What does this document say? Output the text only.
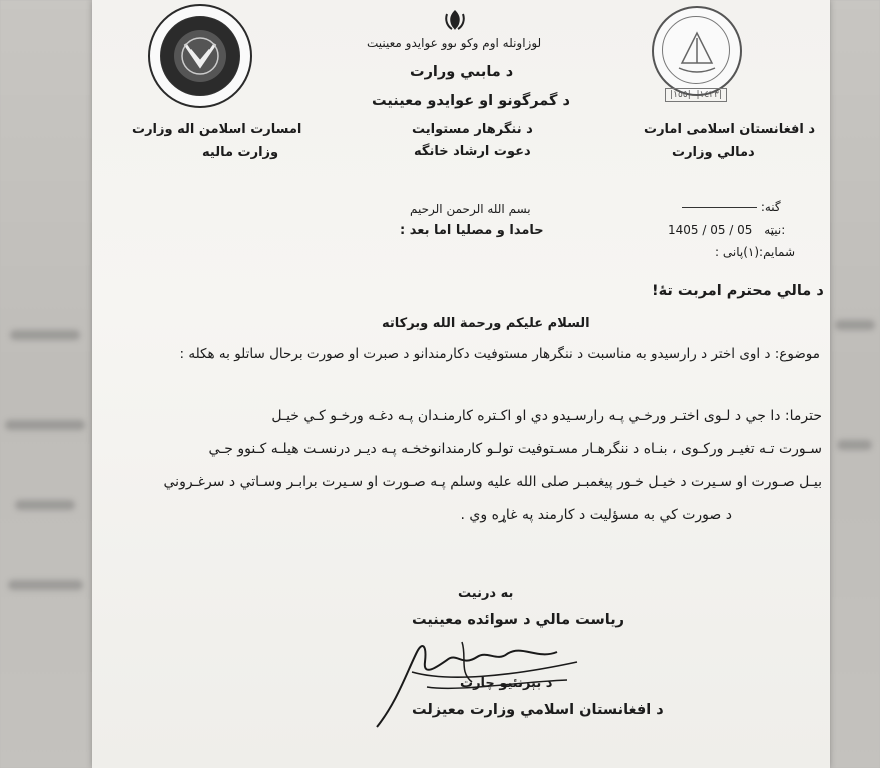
|١٤٢٣|  |١٥٥|
امسارت اسلامن اله وزارت
وزارت ماليه
لوزاونله اوم وكو ىوو عوايدو معينيت
د مابىي ورارت
د گمرگونو او عوايدو معينيت
د ننگرهار مستوايت
دعوت ارشاد خانگه
د افغانستان اسلامى امارت
دمالي وزارت
بسم الله الرحمن الرحيم
حامدا و مصليا اما بعد :
گنه:
1405 / 05 / 05 نيټه:
شمايم:(١)پانى :
د مالي محترم امربت تهٔ!
السلام عليكم ورحمة الله وبركاته
موضوع: د اوى اختر د رارسيدو به مناسبت د ننگرهار مستوفيت دكارمندانو د صبرت او صورت برحال ساتلو به هكله :
حترما: دا جي د لـوى اختـر ورخـي پـه رارسـيدو دي او اكـتره كارمنـدان پـه دغـه ورخـو كـي خيـل
سـورت تـه تغيـر وركـوى ، بنـاه د ننگرهـار مسـتوفيت تولـو كارمندانوخخـه پـه ديـر درنسـت هيلـه كـنوو جـي
بيـل صـورت او سـيرت د خيـل خـور پيغمبـر صلى الله عليه وسلم پـه صـورت او سـيرت برابـر وسـاتي د سرغـروني
د صورت كي به مسؤليت د كارمند په غاړه وي .
به درنيت
رياست مالي د سوائده معينيت
د بېرنئيو چارت
د افغانستان اسلامي وزارت معيزلت
